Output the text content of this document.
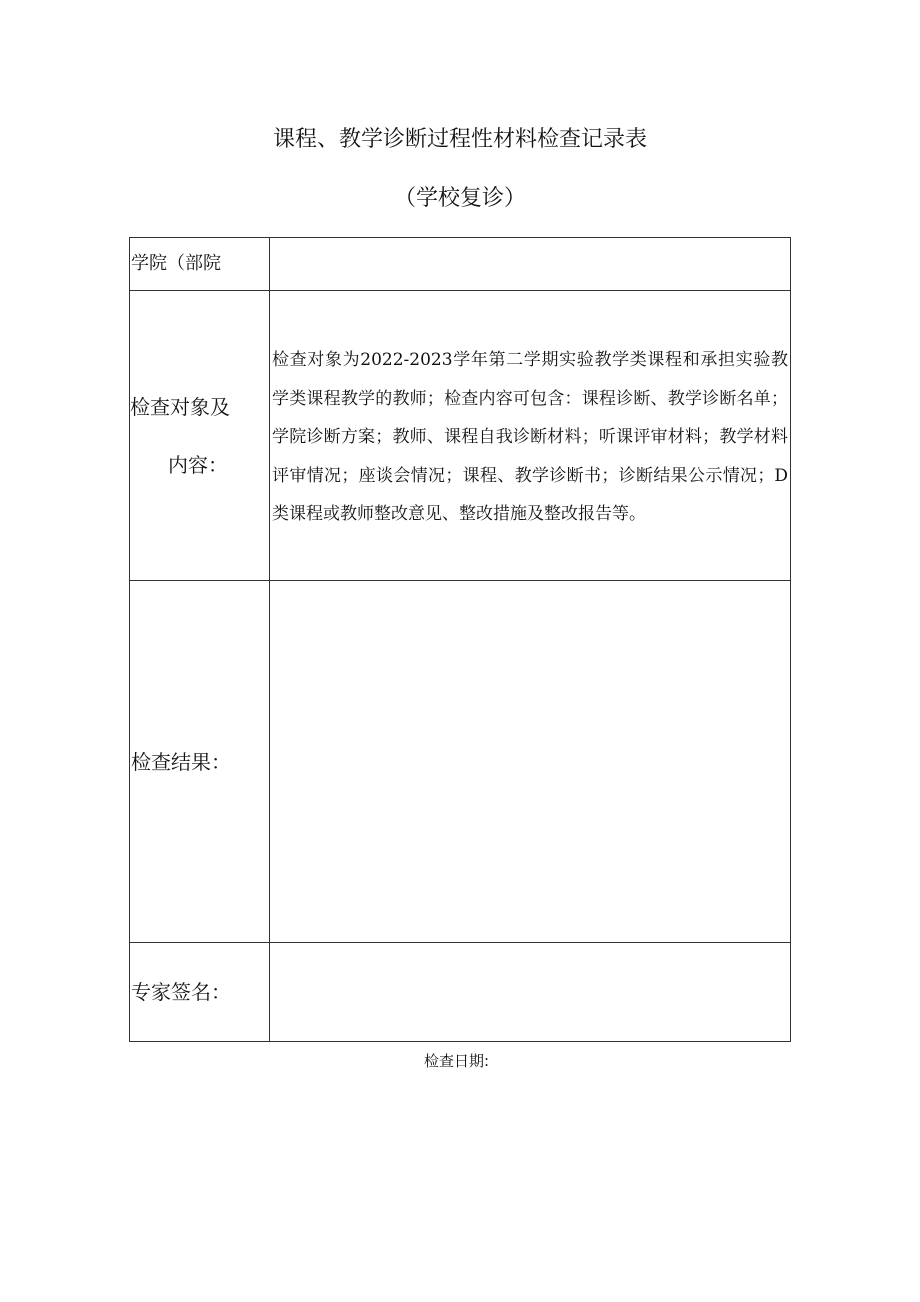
课程、教学诊断过程性材料检查记录表
（学校复诊）
学院（部院	

检查对象及
内容：	检查对象为2022-2023学年第二学期实验教学类课程和承担实验教学类课程教学的教师；检查内容可包含：课程诊断、教学诊断名单；学院诊断方案；教师、课程自我诊断材料；听课评审材料；教学材料评审情况；座谈会情况；课程、教学诊断书；诊断结果公示情况；D类课程或教师整改意见、整改措施及整改报告等。

检查结果：	

专家签名：	

检查日期:
